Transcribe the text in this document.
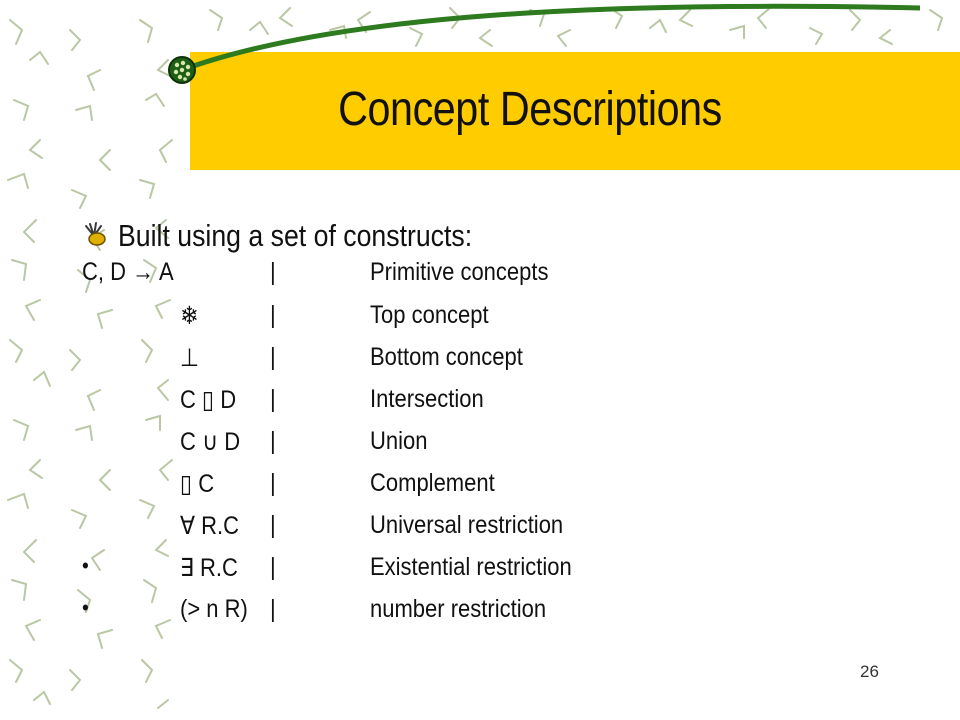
Concept Descriptions
Built using a set of constructs:
C, D → A	|	Primitive concepts
❄	|	Top concept
⊥	|	Bottom concept
C ▯ D |	Intersection
C ∪ D |	Union
▯ C |	Complement
∀ R.C |	Universal restriction
•	∃ R.C |	Existential restriction
•	(> n R) |	number restriction
26
